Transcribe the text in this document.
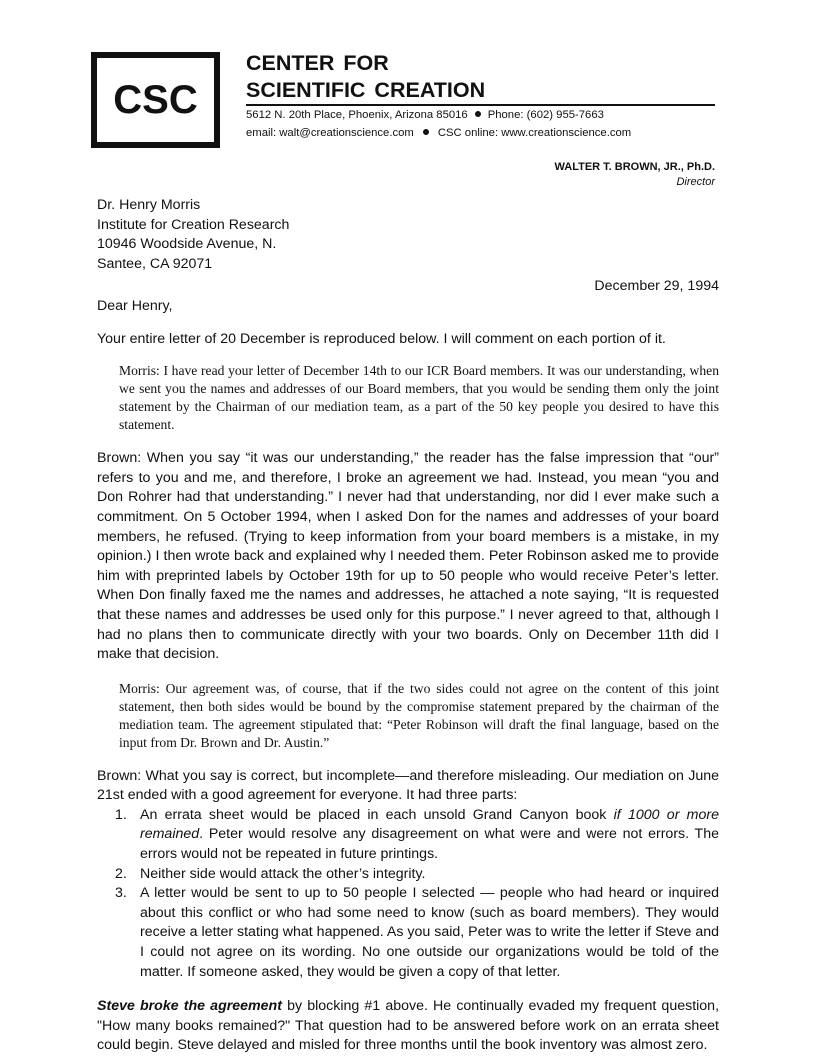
CSC
CENTER FOR
SCIENTIFIC CREATION
5612 N. 20th Place, Phoenix, Arizona 85016 Phone: (602) 955-7663
email: walt@creationscience.com CSC online: www.creationscience.com
WALTER T. BROWN, JR., Ph.D.
Director
Dr. Henry Morris
Institute for Creation Research
10946 Woodside Avenue, N.
Santee, CA 92071
December 29, 1994
Dear Henry,
Your entire letter of 20 December is reproduced below. I will comment on each portion of it.
Morris: I have read your letter of December 14th to our ICR Board members. It was our understanding, when we sent you the names and addresses of our Board members, that you would be sending them only the joint statement by the Chairman of our mediation team, as a part of the 50 key people you desired to have this statement.
Brown: When you say “it was our understanding,” the reader has the false impression that “our” refers to you and me, and therefore, I broke an agreement we had. Instead, you mean “you and Don Rohrer had that understanding.” I never had that understanding, nor did I ever make such a commitment. On 5 October 1994, when I asked Don for the names and addresses of your board members, he refused. (Trying to keep information from your board members is a mistake, in my opinion.) I then wrote back and explained why I needed them. Peter Robinson asked me to provide him with preprinted labels by October 19th for up to 50 people who would receive Peter’s letter. When Don finally faxed me the names and addresses, he attached a note saying, “It is requested that these names and addresses be used only for this purpose.” I never agreed to that, although I had no plans then to communicate directly with your two boards. Only on December 11th did I make that decision.
Morris: Our agreement was, of course, that if the two sides could not agree on the content of this joint statement, then both sides would be bound by the compromise statement prepared by the chairman of the mediation team. The agreement stipulated that: “Peter Robinson will draft the final language, based on the input from Dr. Brown and Dr. Austin.”
Brown: What you say is correct, but incomplete—and therefore misleading. Our mediation on June 21st ended with a good agreement for everyone. It had three parts:
1. An errata sheet would be placed in each unsold Grand Canyon book if 1000 or more remained. Peter would resolve any disagreement on what were and were not errors. The errors would not be repeated in future printings.
2. Neither side would attack the other’s integrity.
3. A letter would be sent to up to 50 people I selected — people who had heard or inquired about this conflict or who had some need to know (such as board members). They would receive a letter stating what happened. As you said, Peter was to write the letter if Steve and I could not agree on its wording. No one outside our organizations would be told of the matter. If someone asked, they would be given a copy of that letter.
Steve broke the agreement by blocking #1 above. He continually evaded my frequent question, "How many books remained?" That question had to be answered before work on an errata sheet could begin. Steve delayed and misled for three months until the book inventory was almost zero.
